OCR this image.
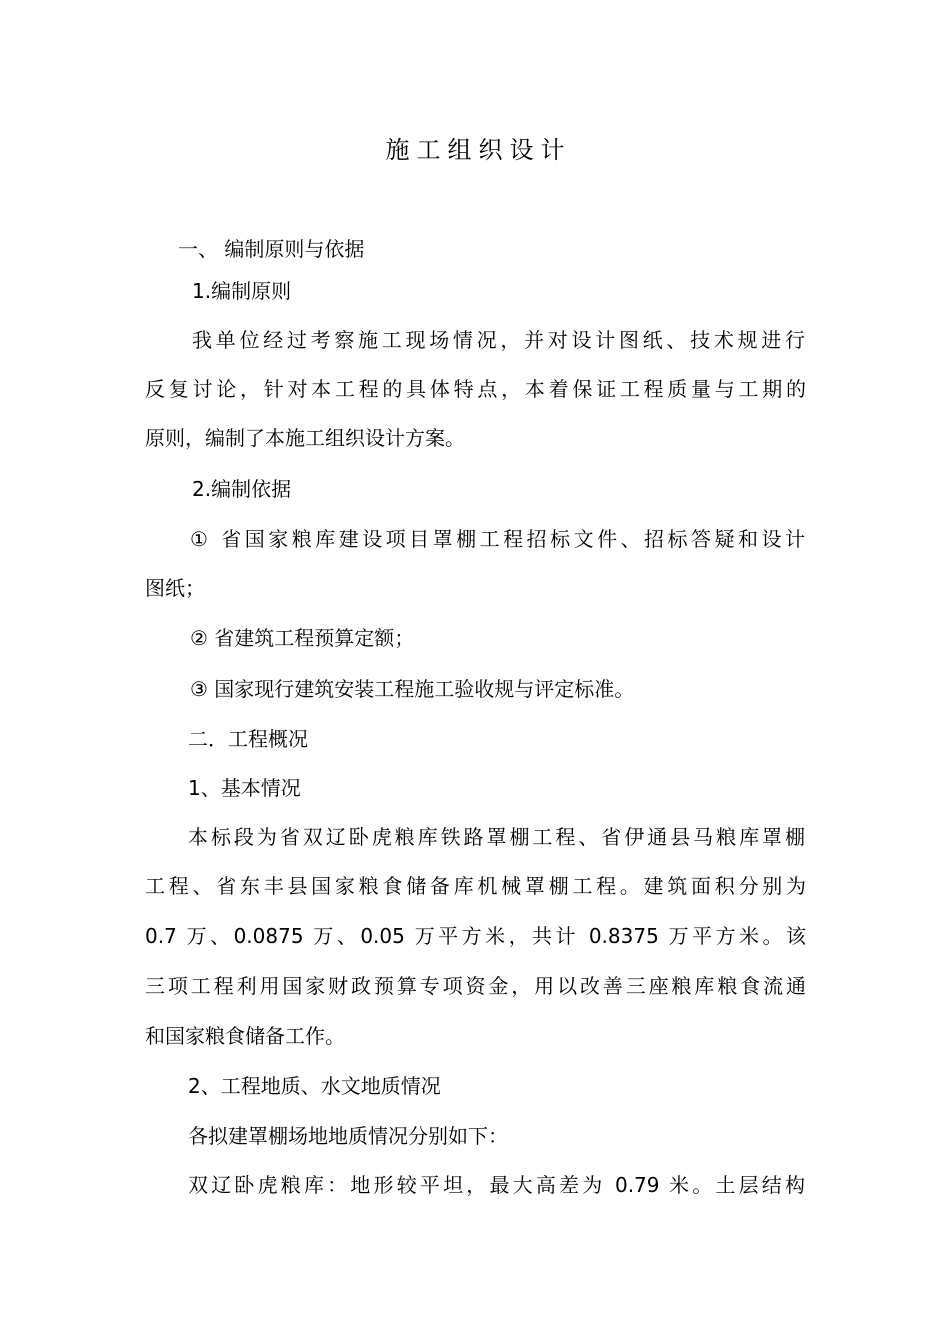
施工组织设计
一、 编制原则与依据
1.编制原则
我单位经过考察施工现场情况，并对设计图纸、技术规进行
反复讨论，针对本工程的具体特点，本着保证工程质量与工期的
原则，编制了本施工组织设计方案。
2.编制依据
① 省国家粮库建设项目罩棚工程招标文件、招标答疑和设计
图纸；
② 省建筑工程预算定额；
③ 国家现行建筑安装工程施工验收规与评定标准。
二．工程概况
1、基本情况
本标段为省双辽卧虎粮库铁路罩棚工程、省伊通县马粮库罩棚
工程、省东丰县国家粮食储备库机械罩棚工程。建筑面积分别为
0.7 万、0.0875 万、0.05 万平方米，共计 0.8375 万平方米。该
三项工程利用国家财政预算专项资金，用以改善三座粮库粮食流通
和国家粮食储备工作。
2、工程地质、水文地质情况
各拟建罩棚场地地质情况分别如下：
双辽卧虎粮库：地形较平坦，最大高差为 0.79 米。土层结构
